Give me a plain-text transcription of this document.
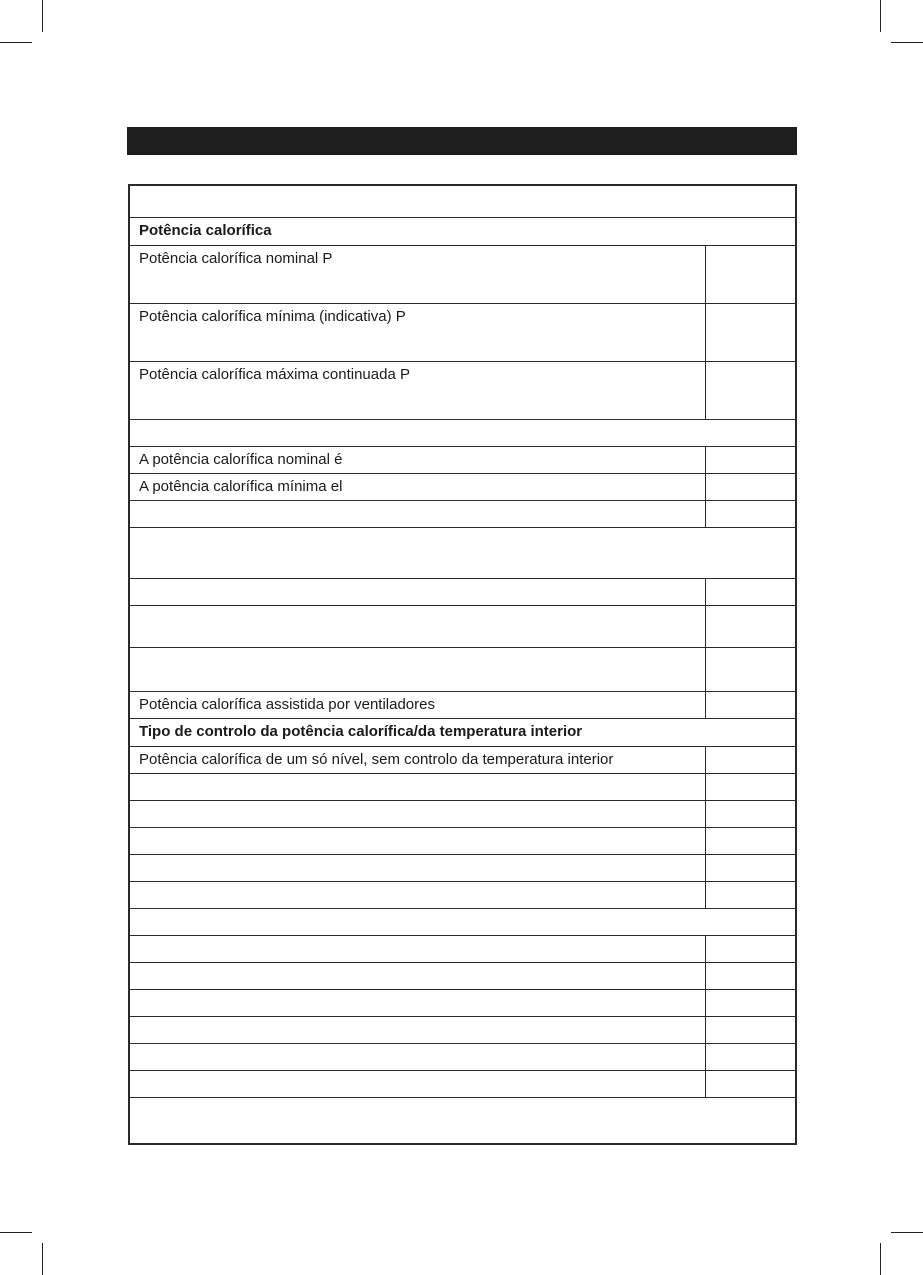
Potência calorífica
Potência calorífica nominal P
Potência calorífica mínima (indicativa) P
Potência calorífica máxima continuada P
A potência calorífica nominal é
A potência calorífica mínima el
Potência calorífica assistida por ventiladores
Tipo de controlo da potência calorífica/da temperatura interior
Potência calorífica de um só nível, sem controlo da temperatura interior
